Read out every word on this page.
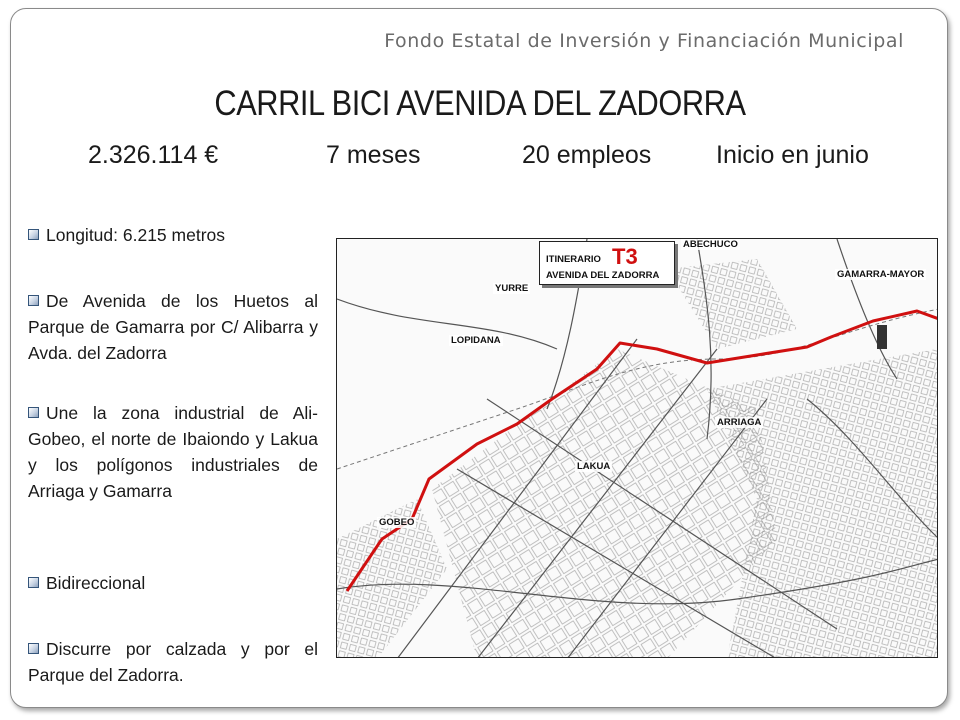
Fondo Estatal de Inversión y Financiación Municipal
CARRIL BICI AVENIDA DEL ZADORRA
2.326.114 €	7 meses	20 empleos	Inicio en junio
Longitud: 6.215 metros
De Avenida de los Huetos al Parque de Gamarra por C/ Alibarra y Avda. del Zadorra
Une la zona industrial de Ali-Gobeo, el norte de Ibaiondo y Lakua y los polígonos industriales de Arriaga y Gamarra
Bidireccional
Discurre por calzada y por el Parque del Zadorra.
ITINERARIO T3
AVENIDA DEL ZADORRA
ABECHUCO
GAMARRA-MAYOR
YURRE
LOPIDANA
ARRIAGA
LAKUA
GOBEO
